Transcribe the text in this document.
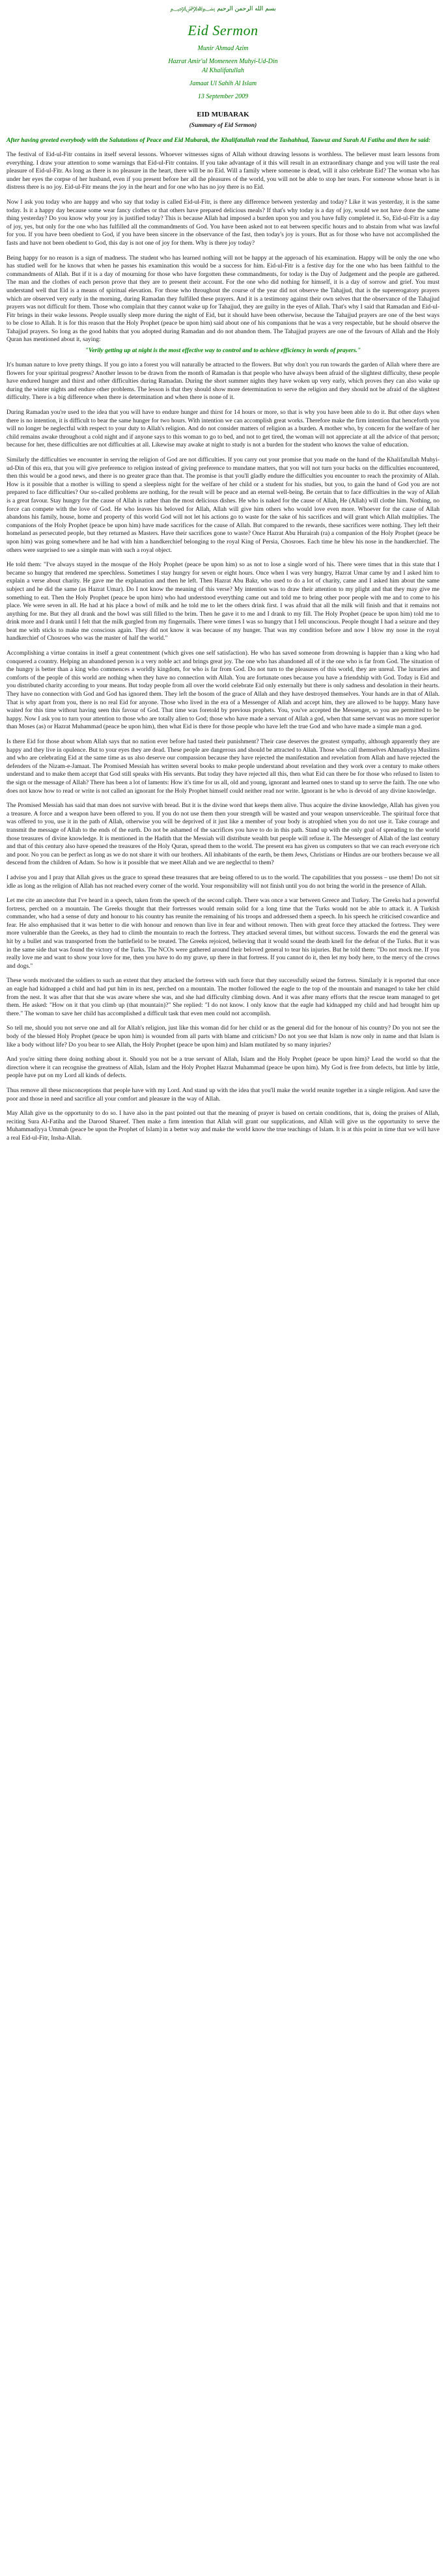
﷽ بسم الله الرحمن الرحيم
Eid Sermon

Munir Ahmad Azim

Hazrat Amir'ul Momeneen Muhyi-Ud-Din
Al Khalifatullah

Jamaat Ul Sahih Al Islam

13 September 2009

EID MUBARAK
(Summary of Eid Sermon)

After having greeted everybody with the Salutations of Peace and Eid Mubarak, the Khalifatullah read the Tashahhud, Taawuz and Surah Al Fatiha and then he said:

The festival of Eid-ul-Fitr contains in itself several lessons. Whoever witnesses signs of Allah without drawing lessons is worthless. The believer must learn lessons from everything. I draw your attention to some warnings that Eid-ul-Fitr contains. If you take advantage of it this will result in an extraordinary change and you will taste the real pleasure of Eid-ul-Fitr. As long as there is no pleasure in the heart, there will be no Eid. Will a family where someone is dead, will it also celebrate Eid? The woman who has under her eyes the corpse of her husband, even if you present before her all the pleasures of the world, you will not be able to stop her tears. For someone whose heart is in distress there is no joy. Eid-ul-Fitr means the joy in the heart and for one who has no joy there is no Eid.

Now I ask you today who are happy and who say that today is called Eid-ul-Fitr, is there any difference between yesterday and today? Like it was yesterday, it is the same today. Is it a happy day because some wear fancy clothes or that others have prepared delicious meals? If that's why today is a day of joy, would we not have done the same thing yesterday? Do you know why your joy is justified today? This is because Allah had imposed a burden upon you and you have fully completed it. So, Eid-ul-Fitr is a day of joy, yes, but only for the one who has fulfilled all the commandments of God. You have been asked not to eat between specific hours and to abstain from what was lawful for you. If you have been obedient to God, if you have been sincere in the observance of the fast, then today's joy is yours. But as for those who have not accomplished the fasts and have not been obedient to God, this day is not one of joy for them. Why is there joy today?

Being happy for no reason is a sign of madness. The student who has learned nothing will not be happy at the approach of his examination. Happy will be only the one who has studied well for he knows that when he passes his examination this would be a success for him. Eid-ul-Fitr is a festive day for the one who has been faithful to the commandments of Allah. But if it is a day of mourning for those who have forgotten these commandments, for today is the Day of Judgement and the people are gathered. The man and the clothes of each person prove that they are to present their account. For the one who did nothing for himself, it is a day of sorrow and grief. You must understand well that Eid is a means of spiritual elevation. For those who throughout the course of the year did not observe the Tahajjud, that is the supererogatory prayers which are observed very early in the morning, during Ramadan they fulfilled these prayers. And it is a testimony against their own selves that the observance of the Tahajjud prayers was not difficult for them. Those who complain that they cannot wake up for Tahajjud, they are guilty in the eyes of Allah. That's why I said that Ramadan and Eid-ul-Fitr brings in their wake lessons. People usually sleep more during the night of Eid, but it should have been otherwise, because the Tahajjud prayers are one of the best ways to be close to Allah. It is for this reason that the Holy Prophet (peace be upon him) said about one of his companions that he was a very respectable, but he should observe the Tahajjud prayers. So long as the good habits that you adopted during Ramadan and do not abandon them. The Tahajjud prayers are one of the favours of Allah and the Holy Quran has mentioned about it, saying:

"Verily getting up at night is the most effective way to control and to achieve efficiency in words of prayers."

It's human nature to love pretty things. If you go into a forest you will naturally be attracted to the flowers. But why don't you run towards the garden of Allah where there are flowers for your spiritual progress? Another lesson to be drawn from the month of Ramadan is that people who have always been afraid of the slightest difficulty, these people have endured hunger and thirst and other difficulties during Ramadan. During the short summer nights they have woken up very early, which proves they can also wake up during the winter nights and endure other problems. The lesson is that they should show more determination to serve the religion and they should not be afraid of the slightest difficulty. There is a big difference when there is determination and when there is none of it.

During Ramadan you're used to the idea that you will have to endure hunger and thirst for 14 hours or more, so that is why you have been able to do it. But other days when there is no intention, it is difficult to bear the same hunger for two hours. With intention we can accomplish great works. Therefore make the firm intention that henceforth you will no longer be neglectful with respect to your duty to Allah's religion. And do not consider matters of religion as a burden. A mother who, by concern for the welfare of her child remains awake throughout a cold night and if anyone says to this woman to go to bed, and not to get tired, the woman will not appreciate at all the advice of that person; because for her, these difficulties are not difficulties at all. Likewise may awake at night to study is not a burden for the student who knows the value of education.

Similarly the difficulties we encounter in serving the religion of God are not difficulties. If you carry out your promise that you made on the hand of the Khalifatullah Muhyi-ud-Din of this era, that you will give preference to religion instead of giving preference to mundane matters, that you will not turn your backs on the difficulties encountered, then this would be a good news, and there is no greater grace than that. The promise is that you'll gladly endure the difficulties you encounter to reach the proximity of Allah. How is it possible that a mother is willing to spend a sleepless night for the welfare of her child or a student for his studies, but you, to gain the hand of God you are not prepared to face difficulties? Our so-called problems are nothing, for the result will be peace and an eternal well-being. Be certain that to face difficulties in the way of Allah is a great favour. Stay hungry for the cause of Allah is rather than the most delicious dishes. He who is naked for the cause of Allah, He (Allah) will clothe him. Nothing, no force can compete with the love of God. He who leaves his beloved for Allah, Allah will give him others who would love even more. Whoever for the cause of Allah abandons his family, house, home and property of this world God will not let his actions go to waste for the sake of his sacrifices and will grant which Allah multiplies. The companions of the Holy Prophet (peace be upon him) have made sacrifices for the cause of Allah. But compared to the rewards, these sacrifices were nothing. They left their homeland as persecuted people, but they returned as Masters. Have their sacrifices gone to waste? Once Hazrat Abu Hurairah (ra) a companion of the Holy Prophet (peace be upon him) was going somewhere and he had with him a handkerchief belonging to the royal King of Persia, Chosroes. Each time he blew his nose in the handkerchief. The others were surprised to see a simple man with such a royal object.

He told them: "I've always stayed in the mosque of the Holy Prophet (peace be upon him) so as not to lose a single word of his. There were times that in this state that I became so hungry that rendered me speechless. Sometimes I stay hungry for seven or eight hours. Once when I was very hungry, Hazrat Umar came by and I asked him to explain a verse about charity. He gave me the explanation and then he left. Then Hazrat Abu Bakr, who used to do a lot of charity, came and I asked him about the same subject and he did the same (as Hazrat Umar). Do I not know the meaning of this verse? My intention was to draw their attention to my plight and that they may give me something to eat. Then the Holy Prophet (peace be upon him) who had understood everything came out and told me to bring other poor people with me and to come to his place. We were seven in all. He had at his place a bowl of milk and he told me to let the others drink first. I was afraid that all the milk will finish and that it remains not anything for me. But they all drank and the bowl was still filled to the brim. Then he gave it to me and I drank to my fill. The Holy Prophet (peace be upon him) told me to drink more and I drank until I felt that the milk gurgled from my fingernails. There were times I was so hungry that I fell unconscious. People thought I had a seizure and they beat me with sticks to make me conscious again. They did not know it was because of my hunger. That was my condition before and now I blow my nose in the royal handkerchief of Chosroes who was the master of half the world."

Accomplishing a virtue contains in itself a great contentment (which gives one self satisfaction). He who has saved someone from drowning is happier than a king who had conquered a country. Helping an abandoned person is a very noble act and brings great joy. The one who has abandoned all of it the one who is far from God. The situation of the hungry is better than a king who commences a worldly kingdom, for who is far from God. Do not turn to the pleasures of this world, they are unreal. The luxuries and comforts of the people of this world are nothing when they have no connection with Allah. You are fortunate ones because you have a friendship with God. Today is Eid and you distributed charity according to your means. But today people from all over the world celebrate Eid only externally but there is only sadness and desolation in their hearts. They have no connection with God and God has ignored them. They left the bosom of the grace of Allah and they have destroyed themselves. Your hands are in that of Allah. That is why apart from you, there is no real Eid for anyone. Those who lived in the era of a Messenger of Allah and accept him, they are allowed to be happy. Many have waited for this time without having seen this favour of God. That time was foretold by previous prophets. You, you've accepted the Messenger, so you are permitted to be happy. Now I ask you to turn your attention to those who are totally alien to God; those who have made a servant of Allah a god, when that same servant was no more superior than Moses (as) or Hazrat Muhammad (peace be upon him), then what Eid is there for those people who have left the true God and who have made a simple man a god.

Is there Eid for those about whom Allah says that no nation ever before had tasted their punishment? Their case deserves the greatest sympathy, although apparently they are happy and they live in opulence. But to your eyes they are dead. These people are dangerous and should be attracted to Allah. Those who call themselves Ahmadiyya Muslims and who are celebrating Eid at the same time as us also deserve our compassion because they have rejected the manifestation and revelation from Allah and have rejected the defenders of the Nizam-e-Jamaat. The Promised Messiah has written several books to make people understand about revelation and they work over a century to make others understand and to make them accept that God still speaks with His servants. But today they have rejected all this, then what Eid can there be for those who refused to listen to the sign or the message of Allah? There has been a lot of laments: How it's time for us all, old and young, ignorant and learned ones to stand up to serve the faith. The one who does not know how to read or write is not called an ignorant for the Holy Prophet himself could neither read nor write. Ignorant is he who is devoid of any divine knowledge.

The Promised Messiah has said that man does not survive with bread. But it is the divine word that keeps them alive. Thus acquire the divine knowledge, Allah has given you a treasure. A force and a weapon have been offered to you. If you do not use them then your strength will be wasted and your weapon unserviceable. The spiritual force that was offered to you, use it in the path of Allah, otherwise you will be deprived of it just like a member of your body is atrophied when you do not use it. Take courage and transmit the message of Allah to the ends of the earth. Do not be ashamed of the sacrifices you have to do in this path. Stand up with the only goal of spreading to the world those treasures of divine knowledge. It is mentioned in the Hadith that the Messiah will distribute wealth but people will refuse it. The Messenger of Allah of the last century and that of this century also have opened the treasures of the Holy Quran, spread them to the world. The present era has given us computers so that we can reach everyone rich and poor. No you can be perfect as long as we do not share it with our brothers. All inhabitants of the earth, be them Jews, Christians or Hindus are our brothers because we all descend from the children of Adam. So how is it possible that we meet Allah and we are neglectful to them?

I advise you and I pray that Allah gives us the grace to spread these treasures that are being offered to us to the world. The capabilities that you possess – use them! Do not sit idle as long as the religion of Allah has not reached every corner of the world. Your responsibility will not finish until you do not bring the world in the presence of Allah.

Let me cite an anecdote that I've heard in a speech, taken from the speech of the second caliph. There was once a war between Greece and Turkey. The Greeks had a powerful fortress, perched on a mountain. The Greeks thought that their fortresses would remain solid for a long time that the Turks would not be able to attack it. A Turkish commander, who had a sense of duty and honour to his country has reunite the remaining of his troops and addressed them a speech. In his speech he criticised cowardice and fear. He also emphasised that it was better to die with honour and renown than live in fear and without renown. Then with great force they attacked the fortress. They were more vulnerable than the Greeks, as they had to climb the mountain to reach the fortress. They attacked several times, but without success. Towards the end the general was hit by a bullet and was transported from the battlefield to be treated. The Greeks rejoiced, believing that it would sound the death knell for the defeat of the Turks. But it was in the same side that was found the victory of the Turks. The NCOs were gathered around their beloved general to tear his injuries. But he told them: "Do not mock me. If you really love me and want to show your love for me, then you have to do my grave, up there in that fortress. If you cannot do it, then let my body here, to the mercy of the crows and dogs."

These words motivated the soldiers to such an extent that they attacked the fortress with such force that they successfully seized the fortress. Similarly it is reported that once an eagle had kidnapped a child and had put him in its nest, perched on a mountain. The mother followed the eagle to the top of the mountain and managed to take her child from the nest. It was after that that she was aware where she was, and she had difficulty climbing down. And it was after many efforts that the rescue team managed to get them. He asked: "How on it that you climb up (that mountain)?" She replied: "I do not know. I only know that the eagle had kidnapped my child and had brought him up there." The woman to save her child has accomplished a difficult task that even men could not accomplish.

So tell me, should you not serve one and all for Allah's religion, just like this woman did for her child or as the general did for the honour of his country? Do you not see the body of the blessed Holy Prophet (peace be upon him) is wounded from all parts with blame and criticism? Do not you see that Islam is now only in name and that Islam is like a body without life? Do you bear to see Allah, the Holy Prophet (peace be upon him) and Islam mutilated by so many injuries?

And you're sitting there doing nothing about it. Should you not be a true servant of Allah, Islam and the Holy Prophet (peace be upon him)? Lead the world so that the direction where it can recognise the greatness of Allah, Islam and the Holy Prophet Hazrat Muhammad (peace be upon him). My God is free from defects, but little by little, people have put on my Lord all kinds of defects.

Thus remove all these misconceptions that people have with my Lord. And stand up with the idea that you'll make the world reunite together in a single religion. And save the poor and those in need and sacrifice all your comfort and pleasure in the way of Allah.

May Allah give us the opportunity to do so. I have also in the past pointed out that the meaning of prayer is based on certain conditions, that is, doing the praises of Allah, reciting Sura Al-Fatiha and the Darood Shareef. Then make a firm intention that Allah will grant our supplications, and Allah will give us the opportunity to serve the Muhammadiyya Ummah (peace be upon the Prophet of Islam) in a better way and make the world know the true teachings of Islam. It is at this point in time that we will have a real Eid-ul-Fitr, Insha-Allah.
